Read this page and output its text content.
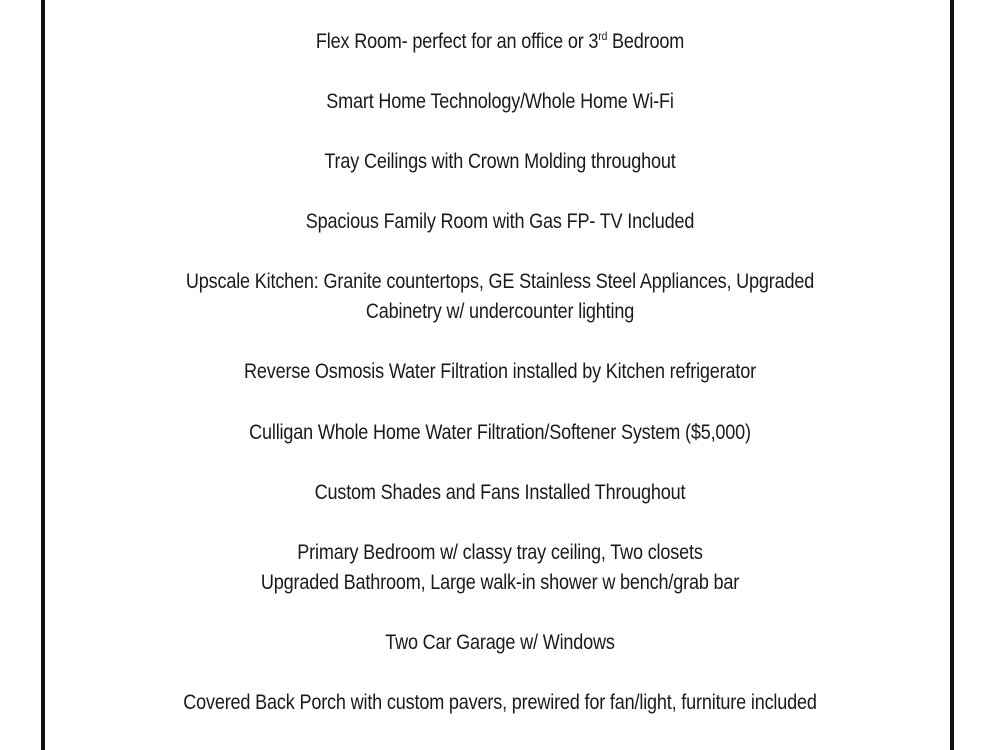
Flex Room- perfect for an office or 3rd Bedroom

Smart Home Technology/Whole Home Wi-Fi

Tray Ceilings with Crown Molding throughout

Spacious Family Room with Gas FP- TV Included

Upscale Kitchen: Granite countertops, GE Stainless Steel Appliances, Upgraded
Cabinetry w/ undercounter lighting

Reverse Osmosis Water Filtration installed by Kitchen refrigerator

Culligan Whole Home Water Filtration/Softener System ($5,000)

Custom Shades and Fans Installed Throughout

Primary Bedroom w/ classy tray ceiling, Two closets
Upgraded Bathroom, Large walk-in shower w bench/grab bar

Two Car Garage w/ Windows

Covered Back Porch with custom pavers, prewired for fan/light, furniture included
